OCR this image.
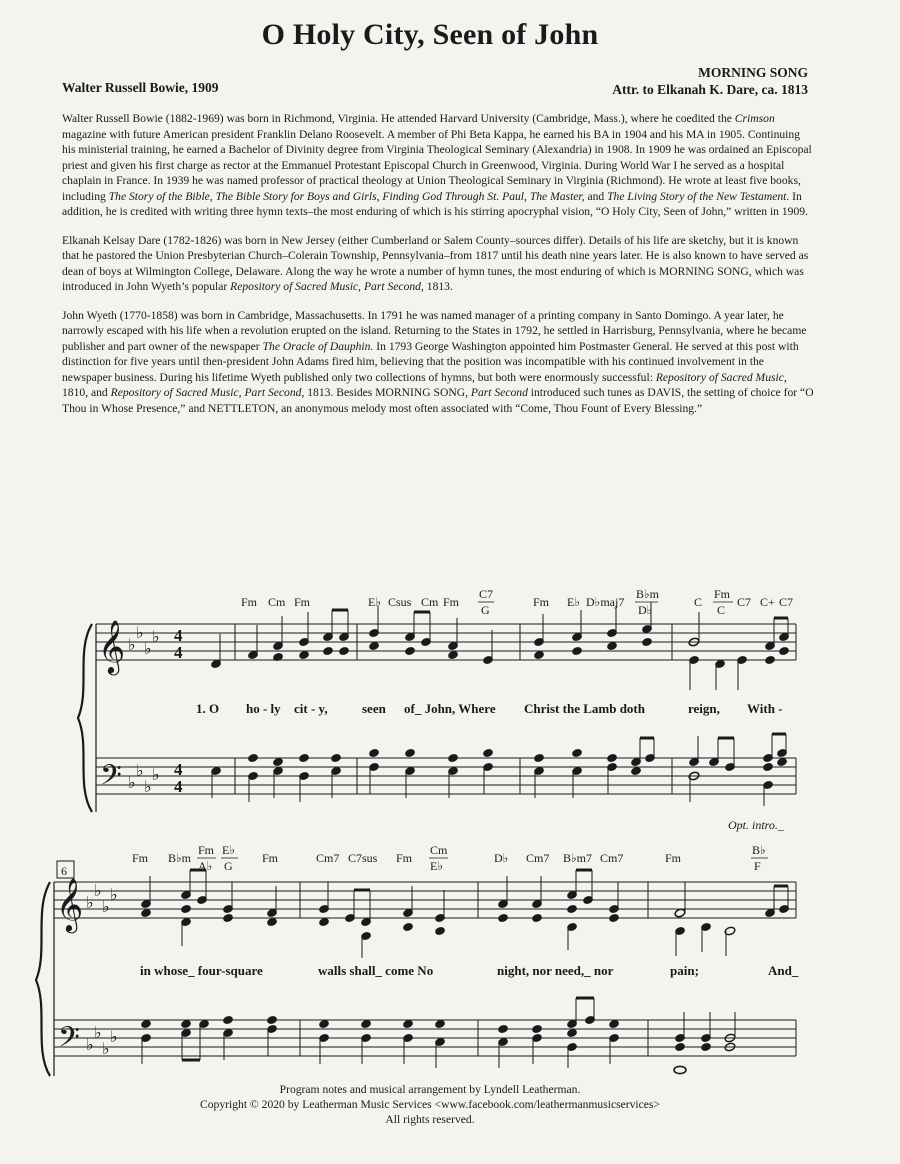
O Holy City, Seen of John
Walter Russell Bowie, 1909
MORNING SONG
Attr. to Elkanah K. Dare, ca. 1813

Walter Russell Bowie (1882-1969) was born in Richmond, Virginia. He attended Harvard University (Cambridge, Mass.), where he coedited the Crimson magazine with future American president Franklin Delano Roosevelt. A member of Phi Beta Kappa, he earned his BA in 1904 and his MA in 1905. Continuing his ministerial training, he earned a Bachelor of Divinity degree from Virginia Theological Seminary (Alexandria) in 1908. In 1909 he was ordained an Episcopal priest and given his first charge as rector at the Emmanuel Protestant Episcopal Church in Greenwood, Virginia. During World War I he served as a hospital chaplain in France. In 1939 he was named professor of practical theology at Union Theological Seminary in Virginia (Richmond). He wrote at least five books, including The Story of the Bible, The Bible Story for Boys and Girls, Finding God Through St. Paul, The Master, and The Living Story of the New Testament. In addition, he is credited with writing three hymn texts–the most enduring of which is his stirring apocryphal vision, “O Holy City, Seen of John,” written in 1909.

Elkanah Kelsay Dare (1782-1826) was born in New Jersey (either Cumberland or Salem County–sources differ). Details of his life are sketchy, but it is known that he pastored the Union Presbyterian Church–Colerain Township, Pennsylvania–from 1817 until his death nine years later. He is also known to have served as dean of boys at Wilmington College, Delaware. Along the way he wrote a number of hymn tunes, the most enduring of which is MORNING SONG, which was introduced in John Wyeth’s popular Repository of Sacred Music, Part Second, 1813.

John Wyeth (1770-1858) was born in Cambridge, Massachusetts. In 1791 he was named manager of a printing company in Santo Domingo. A year later, he narrowly escaped with his life when a revolution erupted on the island. Returning to the States in 1792, he settled in Harrisburg, Pennsylvania, where he became publisher and part owner of the newspaper The Oracle of Dauphin. In 1793 George Washington appointed him Postmaster General. He served at this post with distinction for five years until then-president John Adams fired him, believing that the position was incompatible with his continued involvement in the newspaper business. During his lifetime Wyeth published only two collections of hymns, but both were enormously successful: Repository of Sacred Music, 1810, and Repository of Sacred Music, Part Second, 1813. Besides MORNING SONG, Part Second introduced such tunes as DAVIS, the setting of choice for “O Thou in Whose Presence,” and NETTLETON, an anonymous melody most often associated with “Come, Thou Fount of Every Blessing.”

Fm Cm Fm	E♭ Csus Cm Fm
C7
G
Fm E♭ D♭maj7
B♭m
D♭
C
Fm
C
C7 C+ C7
𝄞
𝄢
♭
♭
♭
♭
♭
♭
♭
♭
4
4
4
4
1. O ho - ly cit - y,	seen of_ John, Where Christ the Lamb doth	reign, With -
Opt. intro._
6
Fm B♭m
Fm
A♭
E♭
G
Fm	Cm7 C7sus Fm
Cm
E♭
D♭ Cm7 B♭m7 Cm7	Fm
B♭
F
𝄞
𝄢
♭
♭
♭
♭
♭
♭
♭
♭
in whose_ four-square	walls shall_ come No	night, nor need,_ nor	pain;	And_
Program notes and musical arrangement by Lyndell Leatherman.
Copyright © 2020 by Leatherman Music Services <www.facebook.com/leathermanmusicservices>
All rights reserved.
